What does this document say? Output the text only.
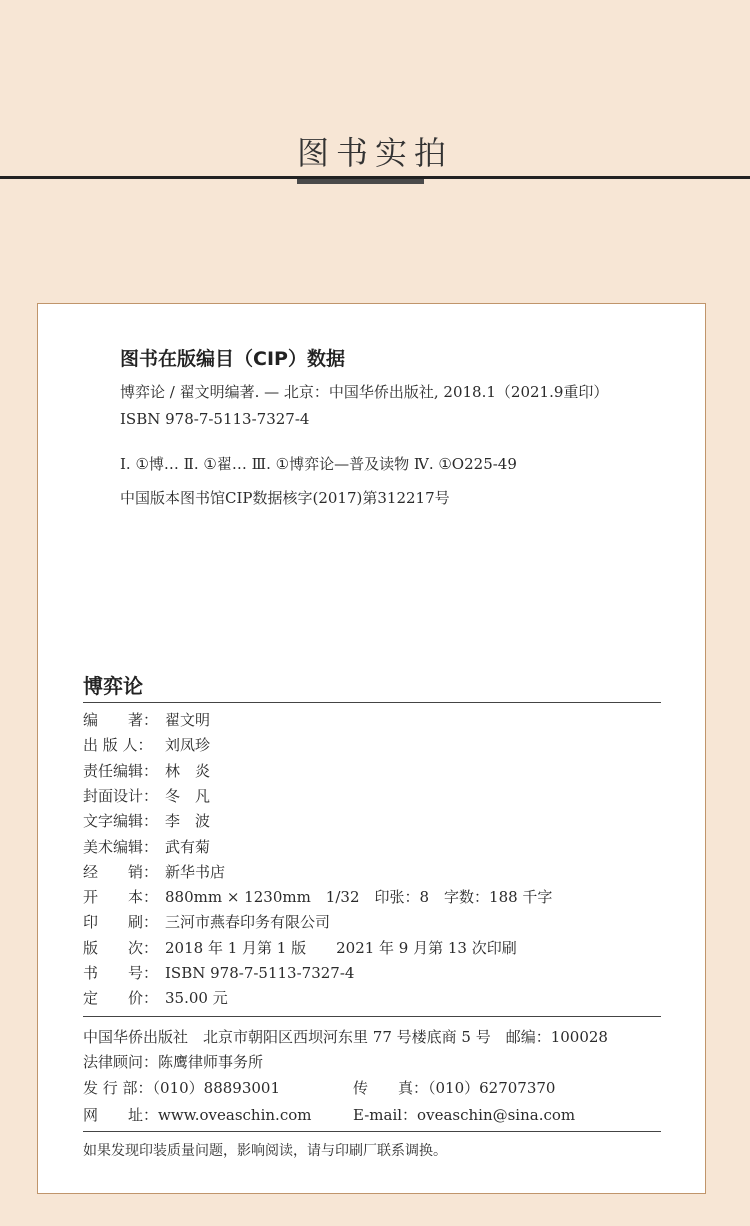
图书实拍
图书在版编目（CIP）数据
博弈论 / 翟文明编著. — 北京：中国华侨出版社, 2018.1（2021.9重印）
ISBN 978-7-5113-7327-4
Ⅰ. ①博… Ⅱ. ①翟… Ⅲ. ①博弈论—普及读物 Ⅳ. ①O225-49
中国版本图书馆CIP数据核字(2017)第312217号
博弈论
编　　著： 翟文明
出 版 人： 刘凤珍
责任编辑： 林　炎
封面设计： 冬　凡
文字编辑： 李　波
美术编辑： 武有菊
经　　销： 新华书店
开　　本： 880mm × 1230mm　1/32　印张：8　字数：188 千字
印　　刷： 三河市燕春印务有限公司
版　　次： 2018 年 1 月第 1 版　　2021 年 9 月第 13 次印刷
书　　号： ISBN 978-7-5113-7327-4
定　　价： 35.00 元
中国华侨出版社　北京市朝阳区西坝河东里 77 号楼底商 5 号　邮编：100028
法律顾问：陈鹰律师事务所
发 行 部：（010）88893001	传　　真：（010）62707370
网　　址：www.oveaschin.com	E-mail：oveaschin@sina.com
如果发现印装质量问题，影响阅读，请与印刷厂联系调换。
